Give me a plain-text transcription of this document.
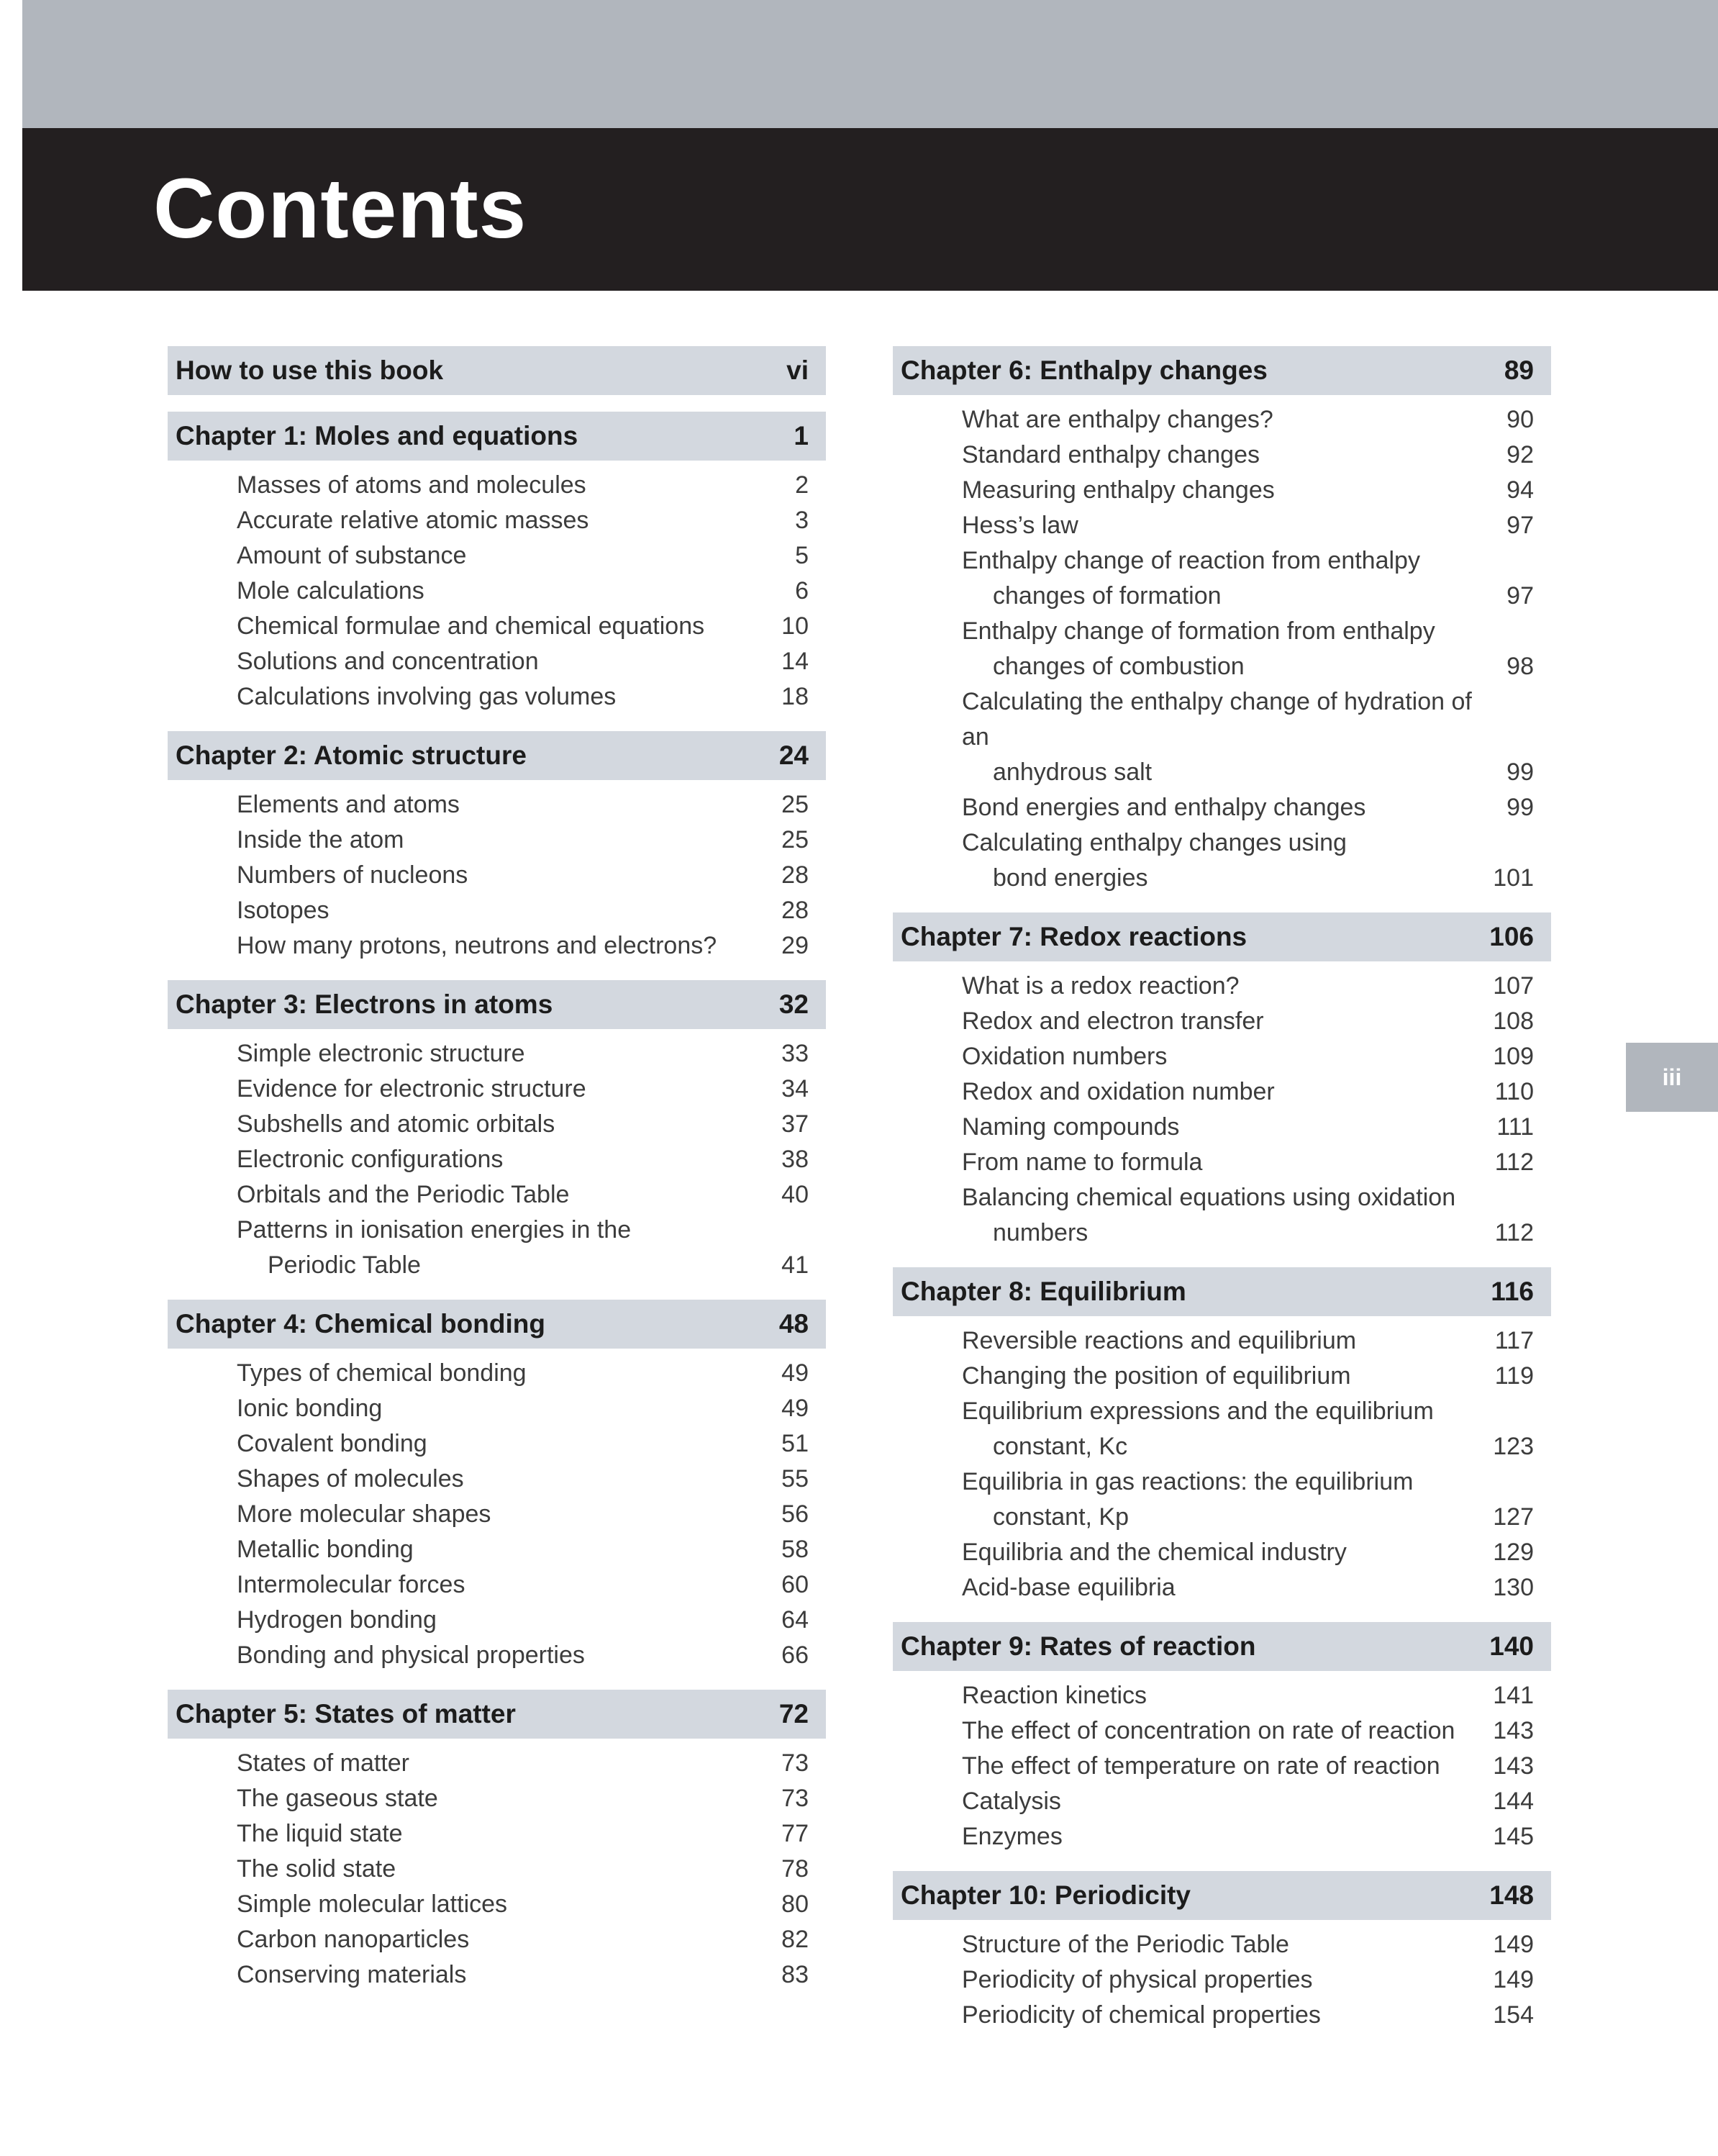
Contents
How to use this book	vi
Chapter 1: Moles and equations	1
Masses of atoms and molecules	2
Accurate relative atomic masses	3
Amount of substance	5
Mole calculations	6
Chemical formulae and chemical equations	10
Solutions and concentration	14
Calculations involving gas volumes	18
Chapter 2: Atomic structure	24
Elements and atoms	25
Inside the atom	25
Numbers of nucleons	28
Isotopes	28
How many protons, neutrons and electrons?	29
Chapter 3: Electrons in atoms	32
Simple electronic structure	33
Evidence for electronic structure	34
Subshells and atomic orbitals	37
Electronic configurations	38
Orbitals and the Periodic Table	40
Patterns in ionisation energies in the
Periodic Table	41
Chapter 4: Chemical bonding	48
Types of chemical bonding	49
Ionic bonding	49
Covalent bonding	51
Shapes of molecules	55
More molecular shapes	56
Metallic bonding	58
Intermolecular forces	60
Hydrogen bonding	64
Bonding and physical properties	66
Chapter 5: States of matter	72
States of matter	73
The gaseous state	73
The liquid state	77
The solid state	78
Simple molecular lattices	80
Carbon nanoparticles	82
Conserving materials	83
Chapter 6: Enthalpy changes	89
What are enthalpy changes?	90
Standard enthalpy changes	92
Measuring enthalpy changes	94
Hess’s law	97
Enthalpy change of reaction from enthalpy
changes of formation	97
Enthalpy change of formation from enthalpy
changes of combustion	98
Calculating the enthalpy change of hydration of an
anhydrous salt	99
Bond energies and enthalpy changes	99
Calculating enthalpy changes using
bond energies	101
Chapter 7: Redox reactions	106
What is a redox reaction?	107
Redox and electron transfer	108
Oxidation numbers	109
Redox and oxidation number	110
Naming compounds	111
From name to formula	112
Balancing chemical equations using oxidation
numbers	112
Chapter 8: Equilibrium	116
Reversible reactions and equilibrium	117
Changing the position of equilibrium	119
Equilibrium expressions and the equilibrium
constant, Kc	123
Equilibria in gas reactions: the equilibrium
constant, Kp	127
Equilibria and the chemical industry	129
Acid-base equilibria	130
Chapter 9: Rates of reaction	140
Reaction kinetics	141
The effect of concentration on rate of reaction	143
The effect of temperature on rate of reaction	143
Catalysis	144
Enzymes	145
Chapter 10: Periodicity	148
Structure of the Periodic Table	149
Periodicity of physical properties	149
Periodicity of chemical properties	154
iii
